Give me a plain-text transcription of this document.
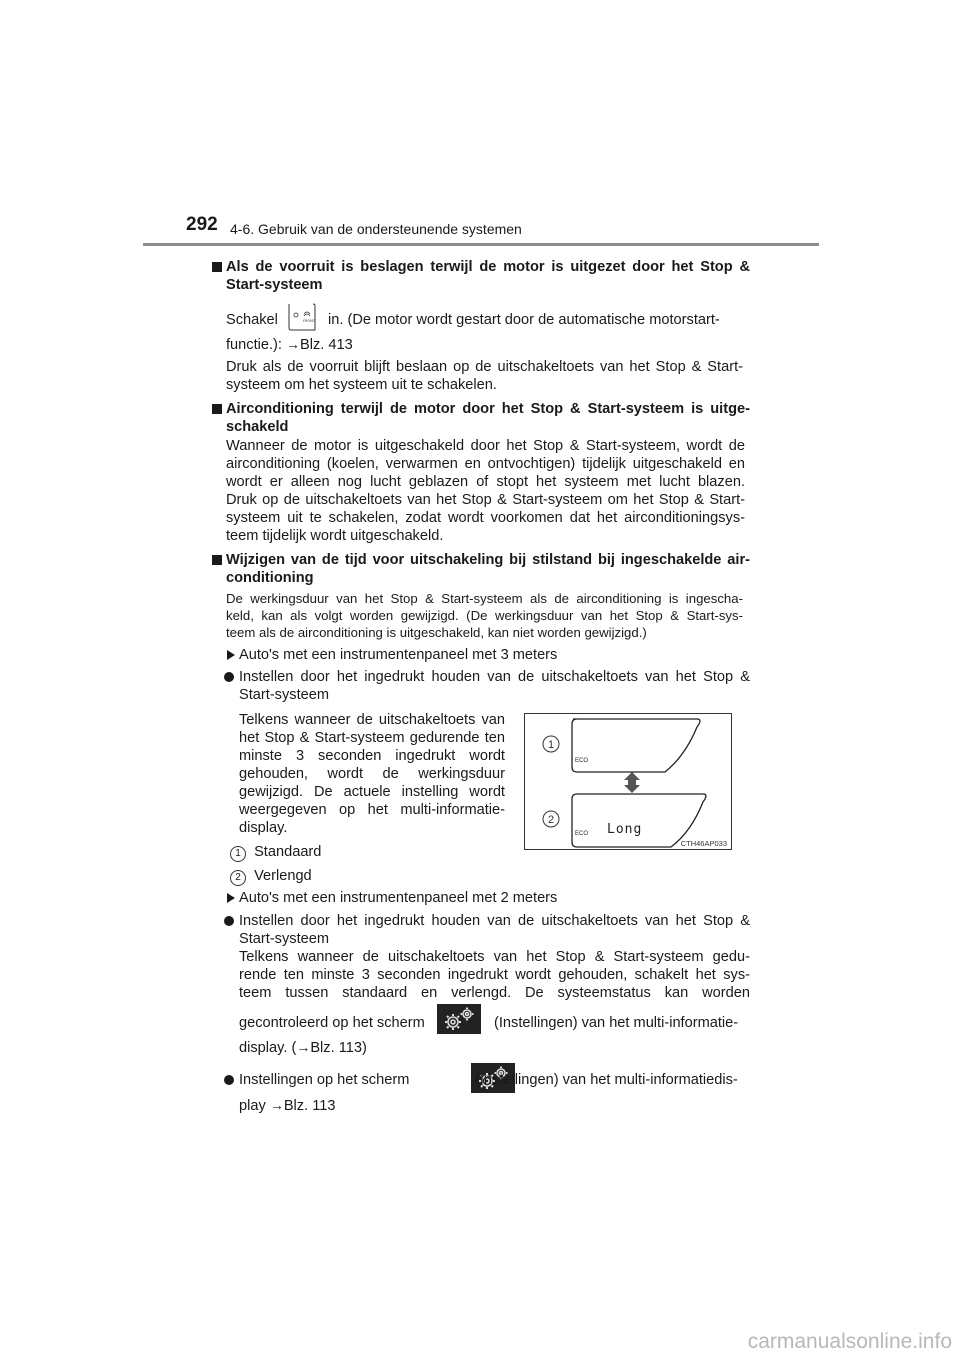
292 4-6. Gebruik van de ondersteunende systemen
Als de voorruit is beslagen terwijl de motor is uitgezet door het Stop &
Start-systeem
Schakel	FRONT in. (De motor wordt gestart door de automatische motorstart-
functie.): →Blz. 413
Druk als de voorruit blijft beslaan op de uitschakeltoets van het Stop & Start-
systeem om het systeem uit te schakelen.
Airconditioning terwijl de motor door het Stop & Start-systeem is uitge-
schakeld
Wanneer de motor is uitgeschakeld door het Stop & Start-systeem, wordt de
airconditioning (koelen, verwarmen en ontvochtigen) tijdelijk uitgeschakeld en
wordt er alleen nog lucht geblazen of stopt het systeem met lucht blazen.
Druk op de uitschakeltoets van het Stop & Start-systeem om het Stop & Start-
systeem uit te schakelen, zodat wordt voorkomen dat het airconditioningsys-
teem tijdelijk wordt uitgeschakeld.
Wijzigen van de tijd voor uitschakeling bij stilstand bij ingeschakelde air-
conditioning
De werkingsduur van het Stop & Start-systeem als de airconditioning is ingescha-
keld, kan als volgt worden gewijzigd. (De werkingsduur van het Stop & Start-sys-
teem als de airconditioning is uitgeschakeld, kan niet worden gewijzigd.)
Auto's met een instrumentenpaneel met 3 meters
Instellen door het ingedrukt houden van de uitschakeltoets van het Stop &
Start-systeem
Telkens wanneer de uitschakeltoets van
het Stop & Start-systeem gedurende ten
minste 3 seconden ingedrukt wordt
gehouden, wordt de werkingsduur
gewijzigd. De actuele instelling wordt
weergegeven op het multi-informatie-
display.
1 Standaard
2 Verlengd
1
2
ECO
ECO Long
CTH46AP033
Auto's met een instrumentenpaneel met 2 meters
Instellen door het ingedrukt houden van de uitschakeltoets van het Stop &
Start-systeem
Telkens wanneer de uitschakeltoets van het Stop & Start-systeem gedu-
rende ten minste 3 seconden ingedrukt wordt gehouden, schakelt het sys-
teem tussen standaard en verlengd. De systeemstatus kan worden
gecontroleerd op het scherm
	(Instellingen) van het multi-informatie-
display. (→Blz. 113)
Instellingen op het scherm	(Instellingen) van het multi-informatiedis-
play →Blz. 113
carmanualsonline.info
